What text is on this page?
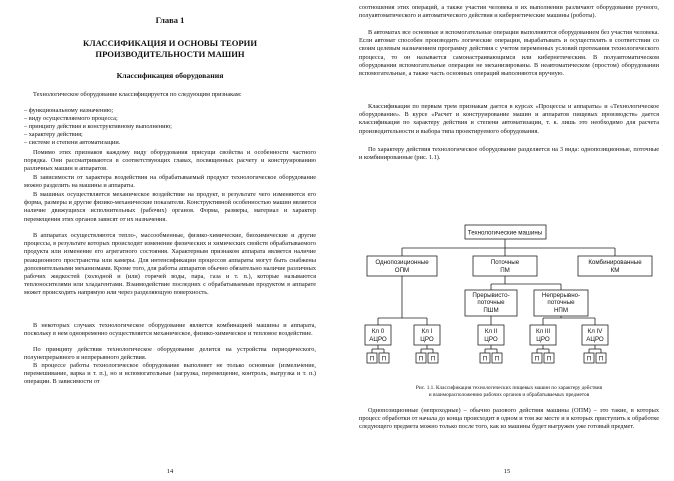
Глава 1
КЛАССИФИКАЦИЯ И ОСНОВЫ ТЕОРИИ
ПРОИЗВОДИТЕЛЬНОСТИ МАШИН
Классификация оборудования

Технологическое оборудование классифицируется по следующим признакам:

– функциональному назначению;
– виду осуществляемого процесса;
– принципу действия и конструктивному выполнению;
– характеру действия;
– системе и степени автоматизации.

Помимо этих признаков каждому виду оборудования присущи свойства и особенности частного порядка. Они рассматриваются в соответствующих главах, посвященных расчету и конструированию различных машин и аппаратов.

В зависимости от характера воздействия на обрабатываемый продукт технологическое оборудование можно разделить на машины и аппараты.

В машинах осуществляется механическое воздействие на продукт, в результате чего изменяются его форма, размеры и другие физико-механические показатели. Конструктивной особенностью машин является наличие движущихся исполнительных (рабочих) органов. Форма, размеры, материал и характер перемещения этих органов зависят от их назначения.

В аппаратах осуществляются тепло-, массообменные, физико-химические, биохимические и другие процессы, в результате которых происходит изменение физических и химических свойств обрабатываемого продукта или изменение его агрегатного состояния. Характерным признаком аппарата является наличие реакционного пространства или камеры. Для интенсификации процессов аппараты могут быть снабжены дополнительными механизмами. Кроме того, для работы аппаратов обычно обязательно наличие различных рабочих жидкостей (холодной и (или) горячей воды, пара, газа и т. п.), которые называются теплоносителями или хладагентами. Взаимодействие последних с обрабатываемым продуктом в аппарате может происходить напрямую или через разделяющую поверхность.

В некоторых случаях технологическое оборудование является комбинацией машины и аппарата, поскольку в нем одновременно осуществляется механическое, физико-химическое и тепловое воздействие.

По принципу действия технологическое оборудование делится на устройства периодического, полунепрерывного и непрерывного действия.

В процессе работы технологическое оборудование выполняет не только основные (измельчение, перемешивание, варка и т. п.), но и вспомогательные (загрузка, перемещение, контроль, выгрузка и т. п.) операции. В зависимости от

14

соотношения этих операций, а также участия человека в их выполнении различают оборудование ручного, полуавтоматического и автоматического действия и кибернетические машины (роботы).

В автоматах все основные и вспомогательные операции выполняются оборудованием без участия человека. Если автомат способен производить логические операции, вырабатывать и осуществлять в соответствии со своим целевым назначением программу действия с учетом переменных условий протекания технологического процесса, то он называется самонастраивающимся или кибернетическим. В полуавтоматическом оборудовании вспомогательные операции не механизированы. В неавтоматическом (простом) оборудовании вспомогательные, а также часть основных операций выполняются вручную.

Классификация по первым трем признакам дается в курсах «Процессы и аппараты» и «Технологическое оборудование». В курсе «Расчет и конструирование машин и аппаратов пищевых производств» дается классификация по характеру действия и степени автоматизации, т. к. лишь это необходимо для расчета производительности и выбора типа проектируемого оборудования.

По характеру действия технологическое оборудование разделяется на 3 вида: однопозиционные, поточные и комбинированные (рис. 1.1).

Технологические машины
Однопозиционные
ОПМ
Поточные
ПМ
Комбинированные
КМ
Прерывисто-
поточные
ПШМ
Непрерывно-
поточные
НПМ
Кл 0
АЦРО
Кл I
ЦРО
Кл II
ЦРО
Кл III
ЦРО
Кл IV
АЦРО
П П	П П	П П	П П	П П
Рис. 1.1. Классификация технологических пищевых машин по характеру действия
и взаиморасположению рабочих органов и обрабатываемых предметов

Однопозиционные (непроходные) – обычно разового действия машины (ОПМ) – это такие, в которых процесс обработки от начала до конца происходит в одном и том же месте и в которых приступить к обработке следующего предмета можно только после того, как из машины будет выгружен уже готовый предмет.

15
